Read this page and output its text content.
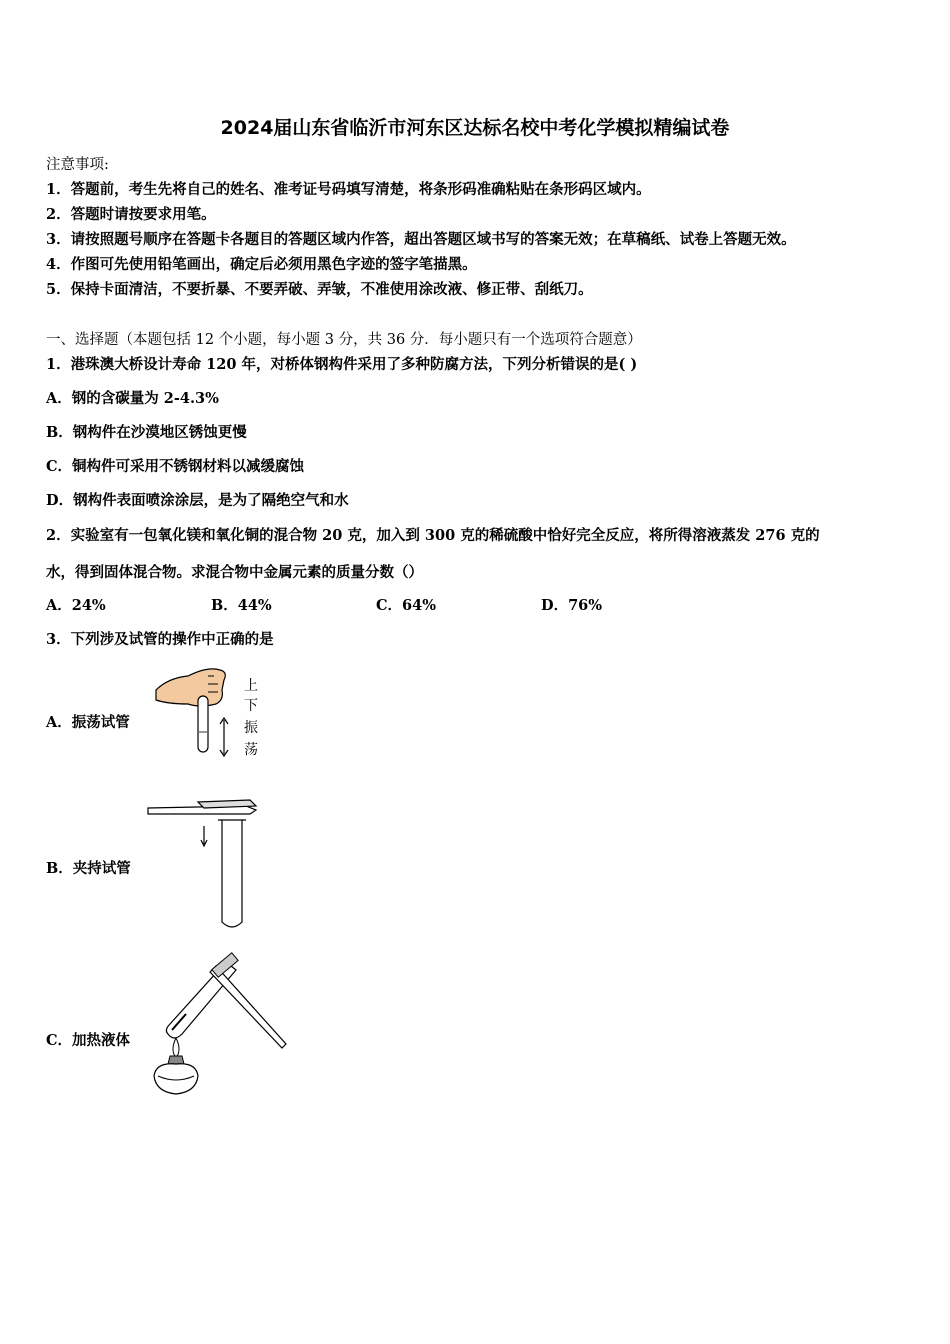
2024届山东省临沂市河东区达标名校中考化学模拟精编试卷
注意事项:
1．答题前，考生先将自己的姓名、准考证号码填写清楚，将条形码准确粘贴在条形码区域内。
2．答题时请按要求用笔。
3．请按照题号顺序在答题卡各题目的答题区域内作答，超出答题区域书写的答案无效；在草稿纸、试卷上答题无效。
4．作图可先使用铅笔画出，确定后必须用黑色字迹的签字笔描黑。
5．保持卡面清洁，不要折暴、不要弄破、弄皱，不准使用涂改液、修正带、刮纸刀。
一、选择题（本题包括 12 个小题，每小题 3 分，共 36 分．每小题只有一个选项符合题意）
1．港珠澳大桥设计寿命 120 年，对桥体钢构件采用了多种防腐方法，下列分析错误的是( )
A．钢的含碳量为 2-4.3%
B．钢构件在沙漠地区锈蚀更慢
C．铜构件可采用不锈钢材料以减缓腐蚀
D．钢构件表面喷涂涂层，是为了隔绝空气和水
2．实验室有一包氧化镁和氧化铜的混合物 20 克，加入到 300 克的稀硫酸中恰好完全反应，将所得溶液蒸发 276 克的
水，得到固体混合物。求混合物中金属元素的质量分数（）
A．24%	B．44%	C．64%	D．76%
3．下列涉及试管的操作中正确的是
A．振荡试管
上
下
振
荡
B．夹持试管
C．加热液体
